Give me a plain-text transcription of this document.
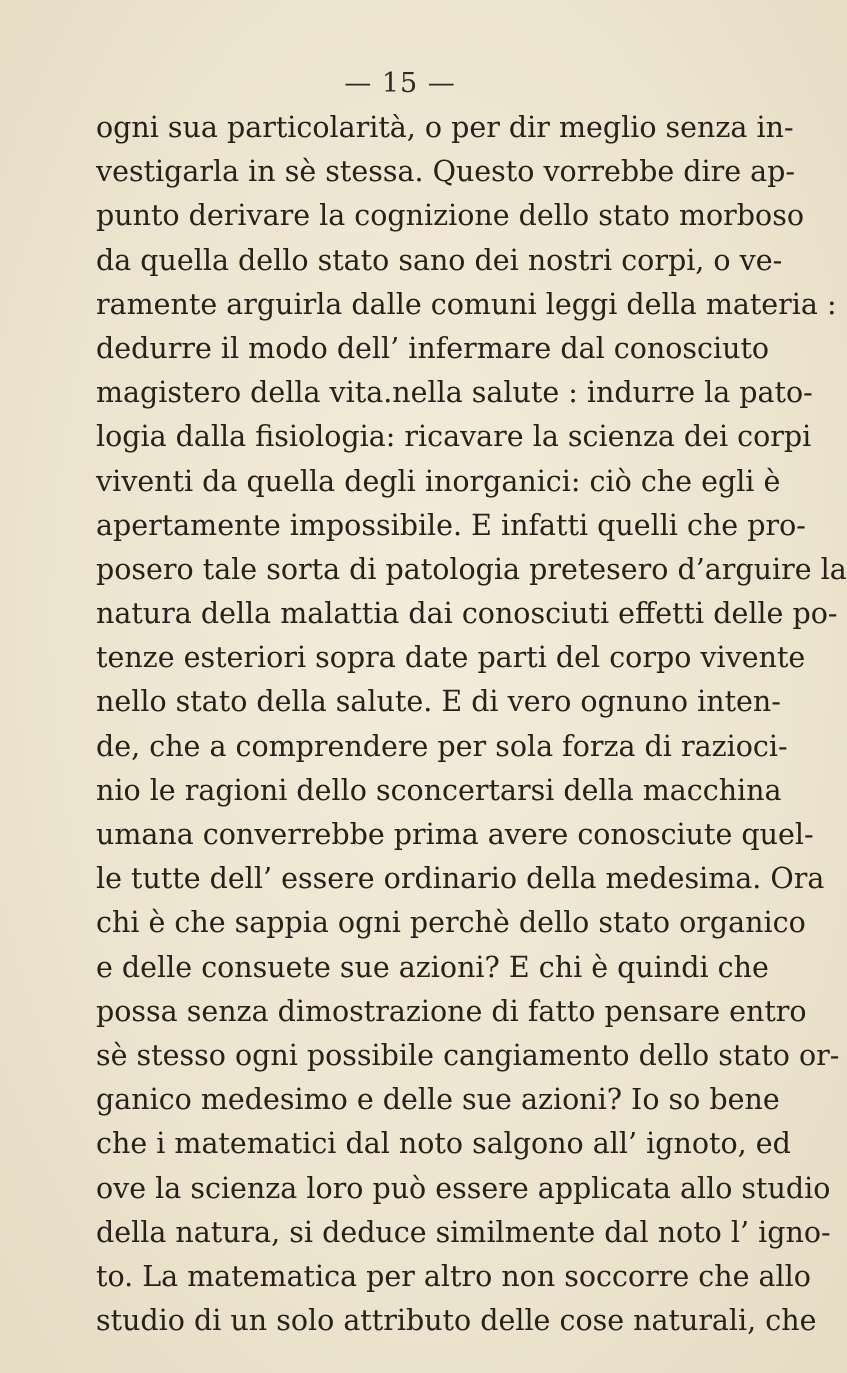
— 15 —
ogni sua particolarità, o per dir meglio senza in-
vestigarla in sè stessa. Questo vorrebbe dire ap-
punto derivare la cognizione dello stato morboso
da quella dello stato sano dei nostri corpi, o ve-
ramente arguirla dalle comuni leggi della materia :
dedurre il modo dell’ infermare dal conosciuto
magistero della vita.nella salute : indurre la pato-
logia dalla fisiologia: ricavare la scienza dei corpi
viventi da quella degli inorganici: ciò che egli è
apertamente impossibile. E infatti quelli che pro-
posero tale sorta di patologia pretesero d’arguire la
natura della malattia dai conosciuti effetti delle po-
tenze esteriori sopra date parti del corpo vivente
nello stato della salute. E di vero ognuno inten-
de, che a comprendere per sola forza di razioci-
nio le ragioni dello sconcertarsi della macchina
umana converrebbe prima avere conosciute quel-
le tutte dell’ essere ordinario della medesima. Ora
chi è che sappia ogni perchè dello stato organico
e delle consuete sue azioni? E chi è quindi che
possa senza dimostrazione di fatto pensare entro
sè stesso ogni possibile cangiamento dello stato or-
ganico medesimo e delle sue azioni? Io so bene
che i matematici dal noto salgono all’ ignoto, ed
ove la scienza loro può essere applicata allo studio
della natura, si deduce similmente dal noto l’ igno-
to. La matematica per altro non soccorre che allo
studio di un solo attributo delle cose naturali, che
